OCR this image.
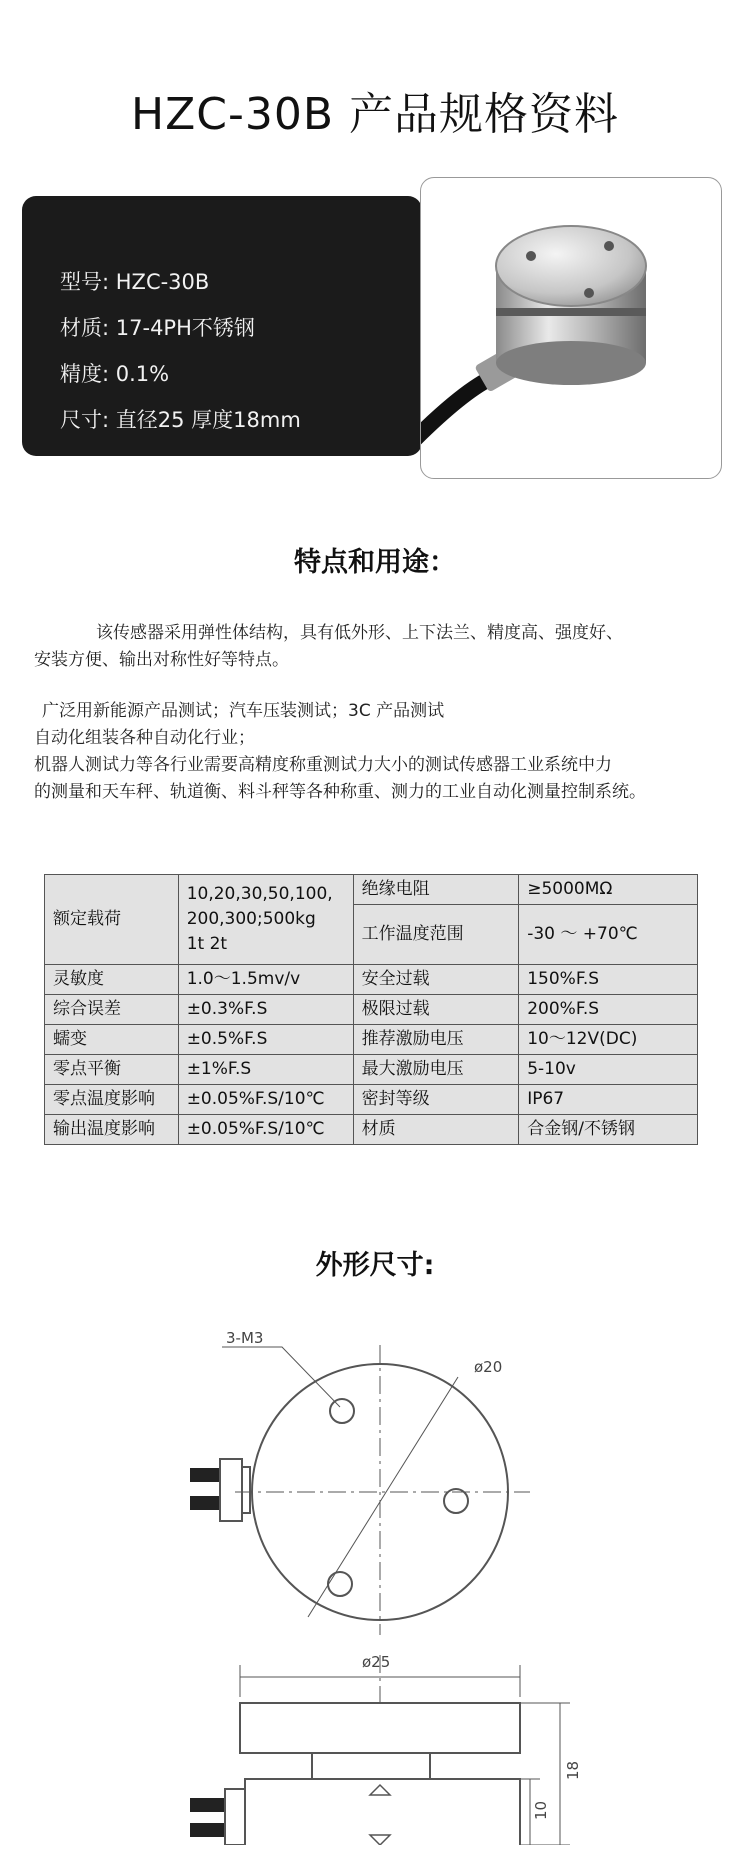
HZC-30B 产品规格资料
型号: HZC-30B
材质: 17-4PH不锈钢
精度: 0.1%
尺寸: 直径25 厚度18mm
特点和用途：
该传感器采用弹性体结构，具有低外形、上下法兰、精度高、强度好、
安装方便、输出对称性好等特点。
广泛用新能源产品测试；汽车压装测试；3C 产品测试
自动化组装各种自动化行业；
机器人测试力等各行业需要高精度称重测试力大小的测试传感器工业系统中力
的测量和天车秤、轨道衡、料斗秤等各种称重、测力的工业自动化测量控制系统。
额定载荷	10,20,30,50,100,
200,300;500kg
1t 2t	绝缘电阻	≥5000MΩ
		工作温度范围	-30 ～ +70℃
灵敏度	1.0～1.5mv/v	安全过载	150%F.S
综合误差	±0.3%F.S	极限过载	200%F.S
蠕变	±0.5%F.S	推荐激励电压	10～12V(DC)
零点平衡	±1%F.S	最大激励电压	5-10v
零点温度影响	±0.05%F.S/10℃	密封等级	IP67
输出温度影响	±0.05%F.S/10℃	材质	合金钢/不锈钢
外形尺寸:
3-M3
ø20
ø25
18
10
